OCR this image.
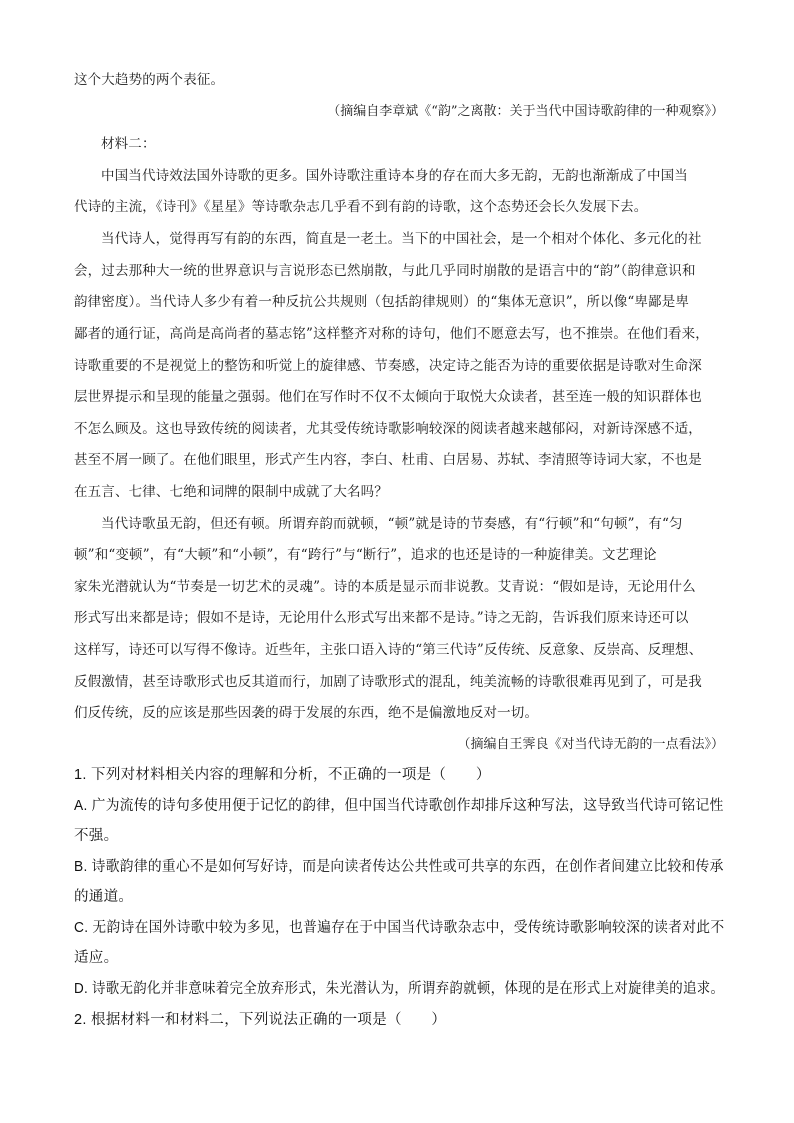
这个大趋势的两个表征。
（摘编自李章斌《“韵”之离散：关于当代中国诗歌韵律的一种观察》）
材料二：
中国当代诗效法国外诗歌的更多。国外诗歌注重诗本身的存在而大多无韵，无韵也渐渐成了中国当
代诗的主流，《诗刊》《星星》等诗歌杂志几乎看不到有韵的诗歌，这个态势还会长久发展下去。
当代诗人，觉得再写有韵的东西，简直是一老土。当下的中国社会，是一个相对个体化、多元化的社
会，过去那种大一统的世界意识与言说形态已然崩散，与此几乎同时崩散的是语言中的“韵”（韵律意识和
韵律密度）。当代诗人多少有着一种反抗公共规则（包括韵律规则）的“集体无意识”，所以像“卑鄙是卑
鄙者的通行证，高尚是高尚者的墓志铭”这样整齐对称的诗句，他们不愿意去写，也不推崇。在他们看来，
诗歌重要的不是视觉上的整饬和听觉上的旋律感、节奏感，决定诗之能否为诗的重要依据是诗歌对生命深
层世界提示和呈现的能量之强弱。他们在写作时不仅不太倾向于取悦大众读者，甚至连一般的知识群体也
不怎么顾及。这也导致传统的阅读者，尤其受传统诗歌影响较深的阅读者越来越郁闷，对新诗深感不适，
甚至不屑一顾了。在他们眼里，形式产生内容，李白、杜甫、白居易、苏轼、李清照等诗词大家，不也是
在五言、七律、七绝和词牌的限制中成就了大名吗？
当代诗歌虽无韵，但还有顿。所谓弃韵而就顿，“顿”就是诗的节奏感，有“行顿”和“句顿”，有“匀
顿”和“变顿”，有“大顿”和“小顿”，有“跨行”与“断行”，追求的也还是诗的一种旋律美。文艺理论
家朱光潜就认为“节奏是一切艺术的灵魂”。诗的本质是显示而非说教。艾青说：“假如是诗，无论用什么
形式写出来都是诗；假如不是诗，无论用什么形式写出来都不是诗。”诗之无韵，告诉我们原来诗还可以
这样写，诗还可以写得不像诗。近些年，主张口语入诗的“第三代诗”反传统、反意象、反崇高、反理想、
反假激情，甚至诗歌形式也反其道而行，加剧了诗歌形式的混乱，纯美流畅的诗歌很难再见到了，可是我
们反传统，反的应该是那些因袭的碍于发展的东西，绝不是偏激地反对一切。
（摘编自王霁良《对当代诗无韵的一点看法》）
1. 下列对材料相关内容的理解和分析，不正确的一项是（　　）
A. 广为流传的诗句多使用便于记忆的韵律，但中国当代诗歌创作却排斥这种写法，这导致当代诗可铭记性
不强。
B. 诗歌韵律的重心不是如何写好诗，而是向读者传达公共性或可共享的东西，在创作者间建立比较和传承
的通道。
C. 无韵诗在国外诗歌中较为多见，也普遍存在于中国当代诗歌杂志中，受传统诗歌影响较深的读者对此不
适应。
D. 诗歌无韵化并非意味着完全放弃形式，朱光潜认为，所谓弃韵就顿，体现的是在形式上对旋律美的追求。
2. 根据材料一和材料二，下列说法正确的一项是（　　）
